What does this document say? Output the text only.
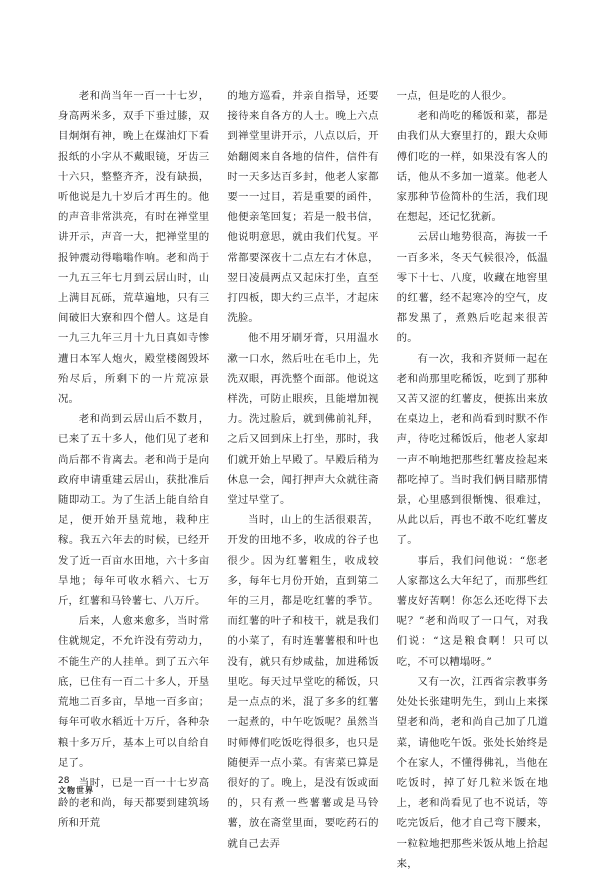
老和尚当年一百一十七岁，身高两米多，双手下垂过膝，双目炯炯有神，晚上在煤油灯下看报纸的小字从不戴眼镜，牙齿三十六只，整整齐齐，没有缺损，听他说是九十岁后才再生的。他的声音非常洪亮，有时在禅堂里讲开示，声音一大，把禅堂里的报钟震动得嗡嗡作响。老和尚于一九五三年七月到云居山时，山上满目瓦砾，荒草遍地，只有三间破旧大寮和四个僧人。这是自一九三九年三月十九日真如寺惨遭日本军人炮火，殿堂楼阁毁坏殆尽后，所剩下的一片荒凉景况。

老和尚到云居山后不数月，已来了五十多人，他们见了老和尚后都不肯离去。老和尚于是向政府申请重建云居山，获批准后随即动工。为了生活上能自给自足，便开始开垦荒地，栽种庄稼。我五六年去的时候，已经开发了近一百亩水田地，六十多亩旱地；每年可收水稻六、七万斤，红薯和马铃薯七、八万斤。

后来，人愈来愈多，当时常住就规定，不允许没有劳动力，不能生产的人挂单。到了五六年底，已住有一百二十多人，开垦荒地二百多亩，旱地一百多亩；每年可收水稻近十万斤，各种杂粮十多万斤，基本上可以自给自足了。

当时，已是一百一十七岁高龄的老和尚，每天都要到建筑场所和开荒

的地方巡看，并亲自指导，还要接待来自各方的人士。晚上六点到禅堂里讲开示，八点以后，开始翻阅来自各地的信件，信件有时一天多达百多封，他老人家都要一一过目，若是重要的函件，他便亲笔回复；若是一般书信，他说明意思，就由我们代复。平常都要深夜十二点左右才休息，翌日凌晨两点又起床打坐，直至打四板，即大约三点半，才起床洗脸。

他不用牙刷牙膏，只用温水漱一口水，然后吐在毛巾上，先洗双眼，再洗整个面部。他说这样洗，可防止眼疾，且能增加视力。洗过脸后，就到佛前礼拜，之后又回到床上打坐，那时，我们就开始上早殿了。早殿后稍为休息一会，闻打押声大众就往斋堂过早堂了。

当时，山上的生活很艰苦，开发的田地不多，收成的谷子也很少。因为红薯粗生，收成较多，每年七月份开始，直到第二年的三月，都是吃红薯的季节。而红薯的叶子和枝干，就是我们的小菜了，有时连薯薯根和叶也没有，就只有炒咸盐，加进稀饭里吃。每天过早堂吃的稀饭，只是一点点的米，混了多多的红薯一起煮的，中午吃饭呢？虽然当时师傅们吃饭吃得很多，也只是随便弄一点小菜。有害菜已算是很好的了。晚上，是没有饭或面的，只有煮一些薯薯或是马铃薯，放在斋堂里面，要吃药石的就自己去弄

一点，但是吃的人很少。

老和尚吃的稀饭和菜，都是由我们从大寮里打的，跟大众师傅们吃的一样，如果没有客人的话，他从不多加一道菜。他老人家那种节俭简朴的生活，我们现在想起，还记忆犹新。

云居山地势很高，海拔一千一百多米，冬天气候很冷，低温零下十七、八度，收藏在地窖里的红薯，经不起寒冷的空气，皮都发黑了，煮熟后吃起来很苦的。

有一次，我和齐贤师一起在老和尚那里吃稀饭，吃到了那种又苦又涩的红薯皮，便拣出来放在桌边上，老和尚看到时默不作声，待吃过稀饭后，他老人家却一声不响地把那些红薯皮捡起来都吃掉了。当时我们俩目睹那情景，心里感到很惭愧、很难过，从此以后，再也不敢不吃红薯皮了。

事后，我们问他说：“您老人家都这么大年纪了，而那些红薯皮好苦啊！你怎么还吃得下去呢？”老和尚叹了一口气，对我们说：“这是粮食啊！只可以吃，不可以糟塌呀。”

又有一次，江西省宗教事务处处长张建明先生，到山上来探望老和尚，老和尚自己加了几道菜，请他吃午饭。张处长始终是个在家人，不懂得佛礼，当他在吃饭时，掉了好几粒米饭在地上，老和尚看见了也不说话，等吃完饭后，他才自己弯下腰来，一粒粒地把那些米饭从地上拾起来，

28
文物世界
